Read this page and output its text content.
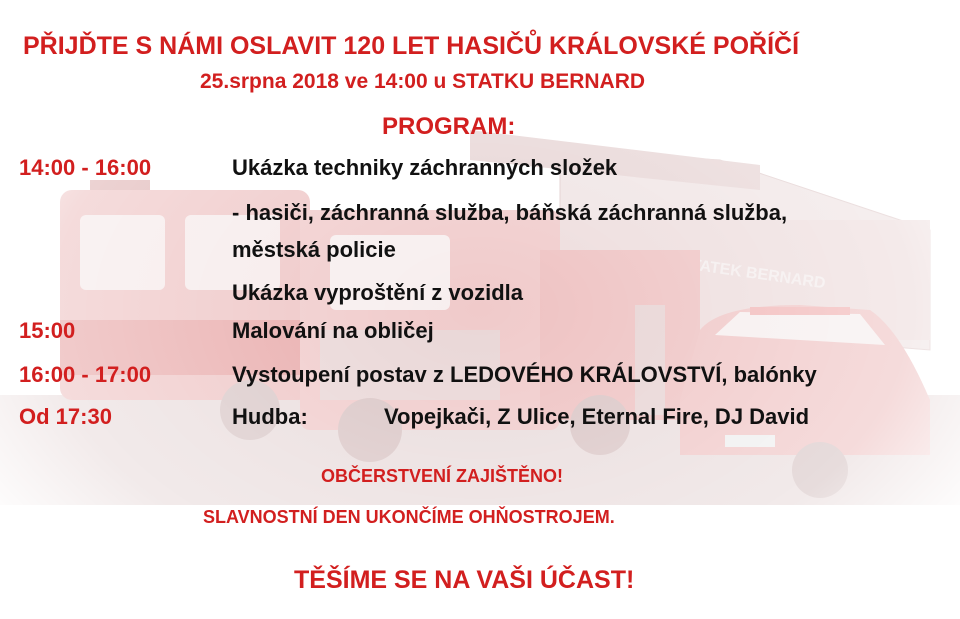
PŘIJĎTE S NÁMI OSLAVIT 120 LET HASIČŮ KRÁLOVSKÉ POŘÍČÍ
25.srpna 2018 ve 14:00 u STATKU BERNARD
PROGRAM:
14:00 - 16:00	Ukázka techniky záchranných složek
- hasiči, záchranná služba, báňská záchranná služba,
městská policie
Ukázka vyproštění z vozidla
15:00	Malování na obličej
16:00 - 17:00	Vystoupení postav z LEDOVÉHO KRÁLOVSTVÍ, balónky
Od 17:30	Hudba:	Vopejkači, Z Ulice, Eternal Fire, DJ David
OBČERSTVENÍ ZAJIŠTĚNO!
SLAVNOSTNÍ DEN UKONČÍME OHŇOSTROJEM.
TĚŠÍME SE NA VAŠI ÚČAST!
